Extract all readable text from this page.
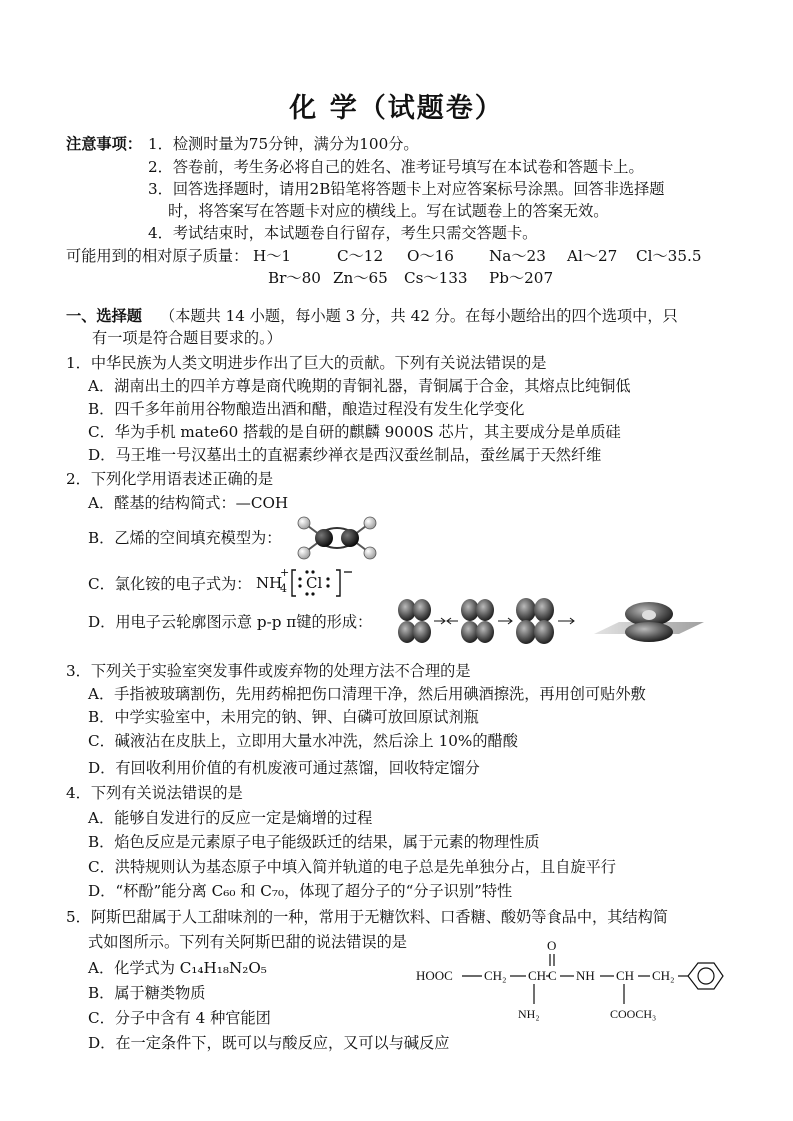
化 学（试题卷）
注意事项： 1．检测时量为75分钟，满分为100分。
2．答卷前，考生务必将自己的姓名、准考证号填写在本试卷和答题卡上。
3．回答选择题时，请用2B铅笔将答题卡上对应答案标号涂黑。回答非选择题
时，将答案写在答题卡对应的横线上。写在试题卷上的答案无效。
4．考试结束时，本试题卷自行留存，考生只需交答题卡。
可能用到的相对原子质量： H～1	C～12 O～16 Na～23 Al～27 Cl～35.5
Br～80 Zn～65 Cs～133 Pb～207
一、选择题 （本题共 14 小题，每小题 3 分，共 42 分。在每小题给出的四个选项中，只
有一项是符合题目要求的。）
1．中华民族为人类文明进步作出了巨大的贡献。下列有关说法错误的是
A．湖南出土的四羊方尊是商代晚期的青铜礼器，青铜属于合金，其熔点比纯铜低
B．四千多年前用谷物酿造出酒和醋，酿造过程没有发生化学变化
C．华为手机 mate60 搭载的是自研的麒麟 9000S 芯片，其主要成分是单质硅
D．马王堆一号汉墓出土的直裾素纱禅衣是西汉蚕丝制品，蚕丝属于天然纤维
2．下列化学用语表述正确的是
A．醛基的结构简式：—COH
B．乙烯的空间填充模型为：
C．氯化铵的电子式为： NH
+
4 Cl
D．用电子云轮廓图示意 p-p π键的形成：
3．下列关于实验室突发事件或废弃物的处理方法不合理的是
A．手指被玻璃割伤，先用药棉把伤口清理干净，然后用碘酒擦洗，再用创可贴外敷
B．中学实验室中，未用完的钠、钾、白磷可放回原试剂瓶
C．碱液沾在皮肤上，立即用大量水冲洗，然后涂上 10%的醋酸
D．有回收利用价值的有机废液可通过蒸馏，回收特定馏分
4．下列有关说法错误的是
A．能够自发进行的反应一定是熵增的过程
B．焰色反应是元素原子电子能级跃迁的结果，属于元素的物理性质
C．洪特规则认为基态原子中填入简并轨道的电子总是先单独分占，且自旋平行
D．“杯酚”能分离 C₆₀ 和 C₇₀，体现了超分子的“分子识别”特性
5．阿斯巴甜属于人工甜味剂的一种，常用于无糖饮料、口香糖、酸奶等食品中，其结构简
式如图所示。下列有关阿斯巴甜的说法错误的是
A．化学式为 C₁₄H₁₈N₂O₅
B．属于糖类物质
C．分子中含有 4 种官能团
D．在一定条件下，既可以与酸反应，又可以与碱反应
HOOC CH₂ CH C
O
NH CH CH₂
NH₂	COOCH₃
